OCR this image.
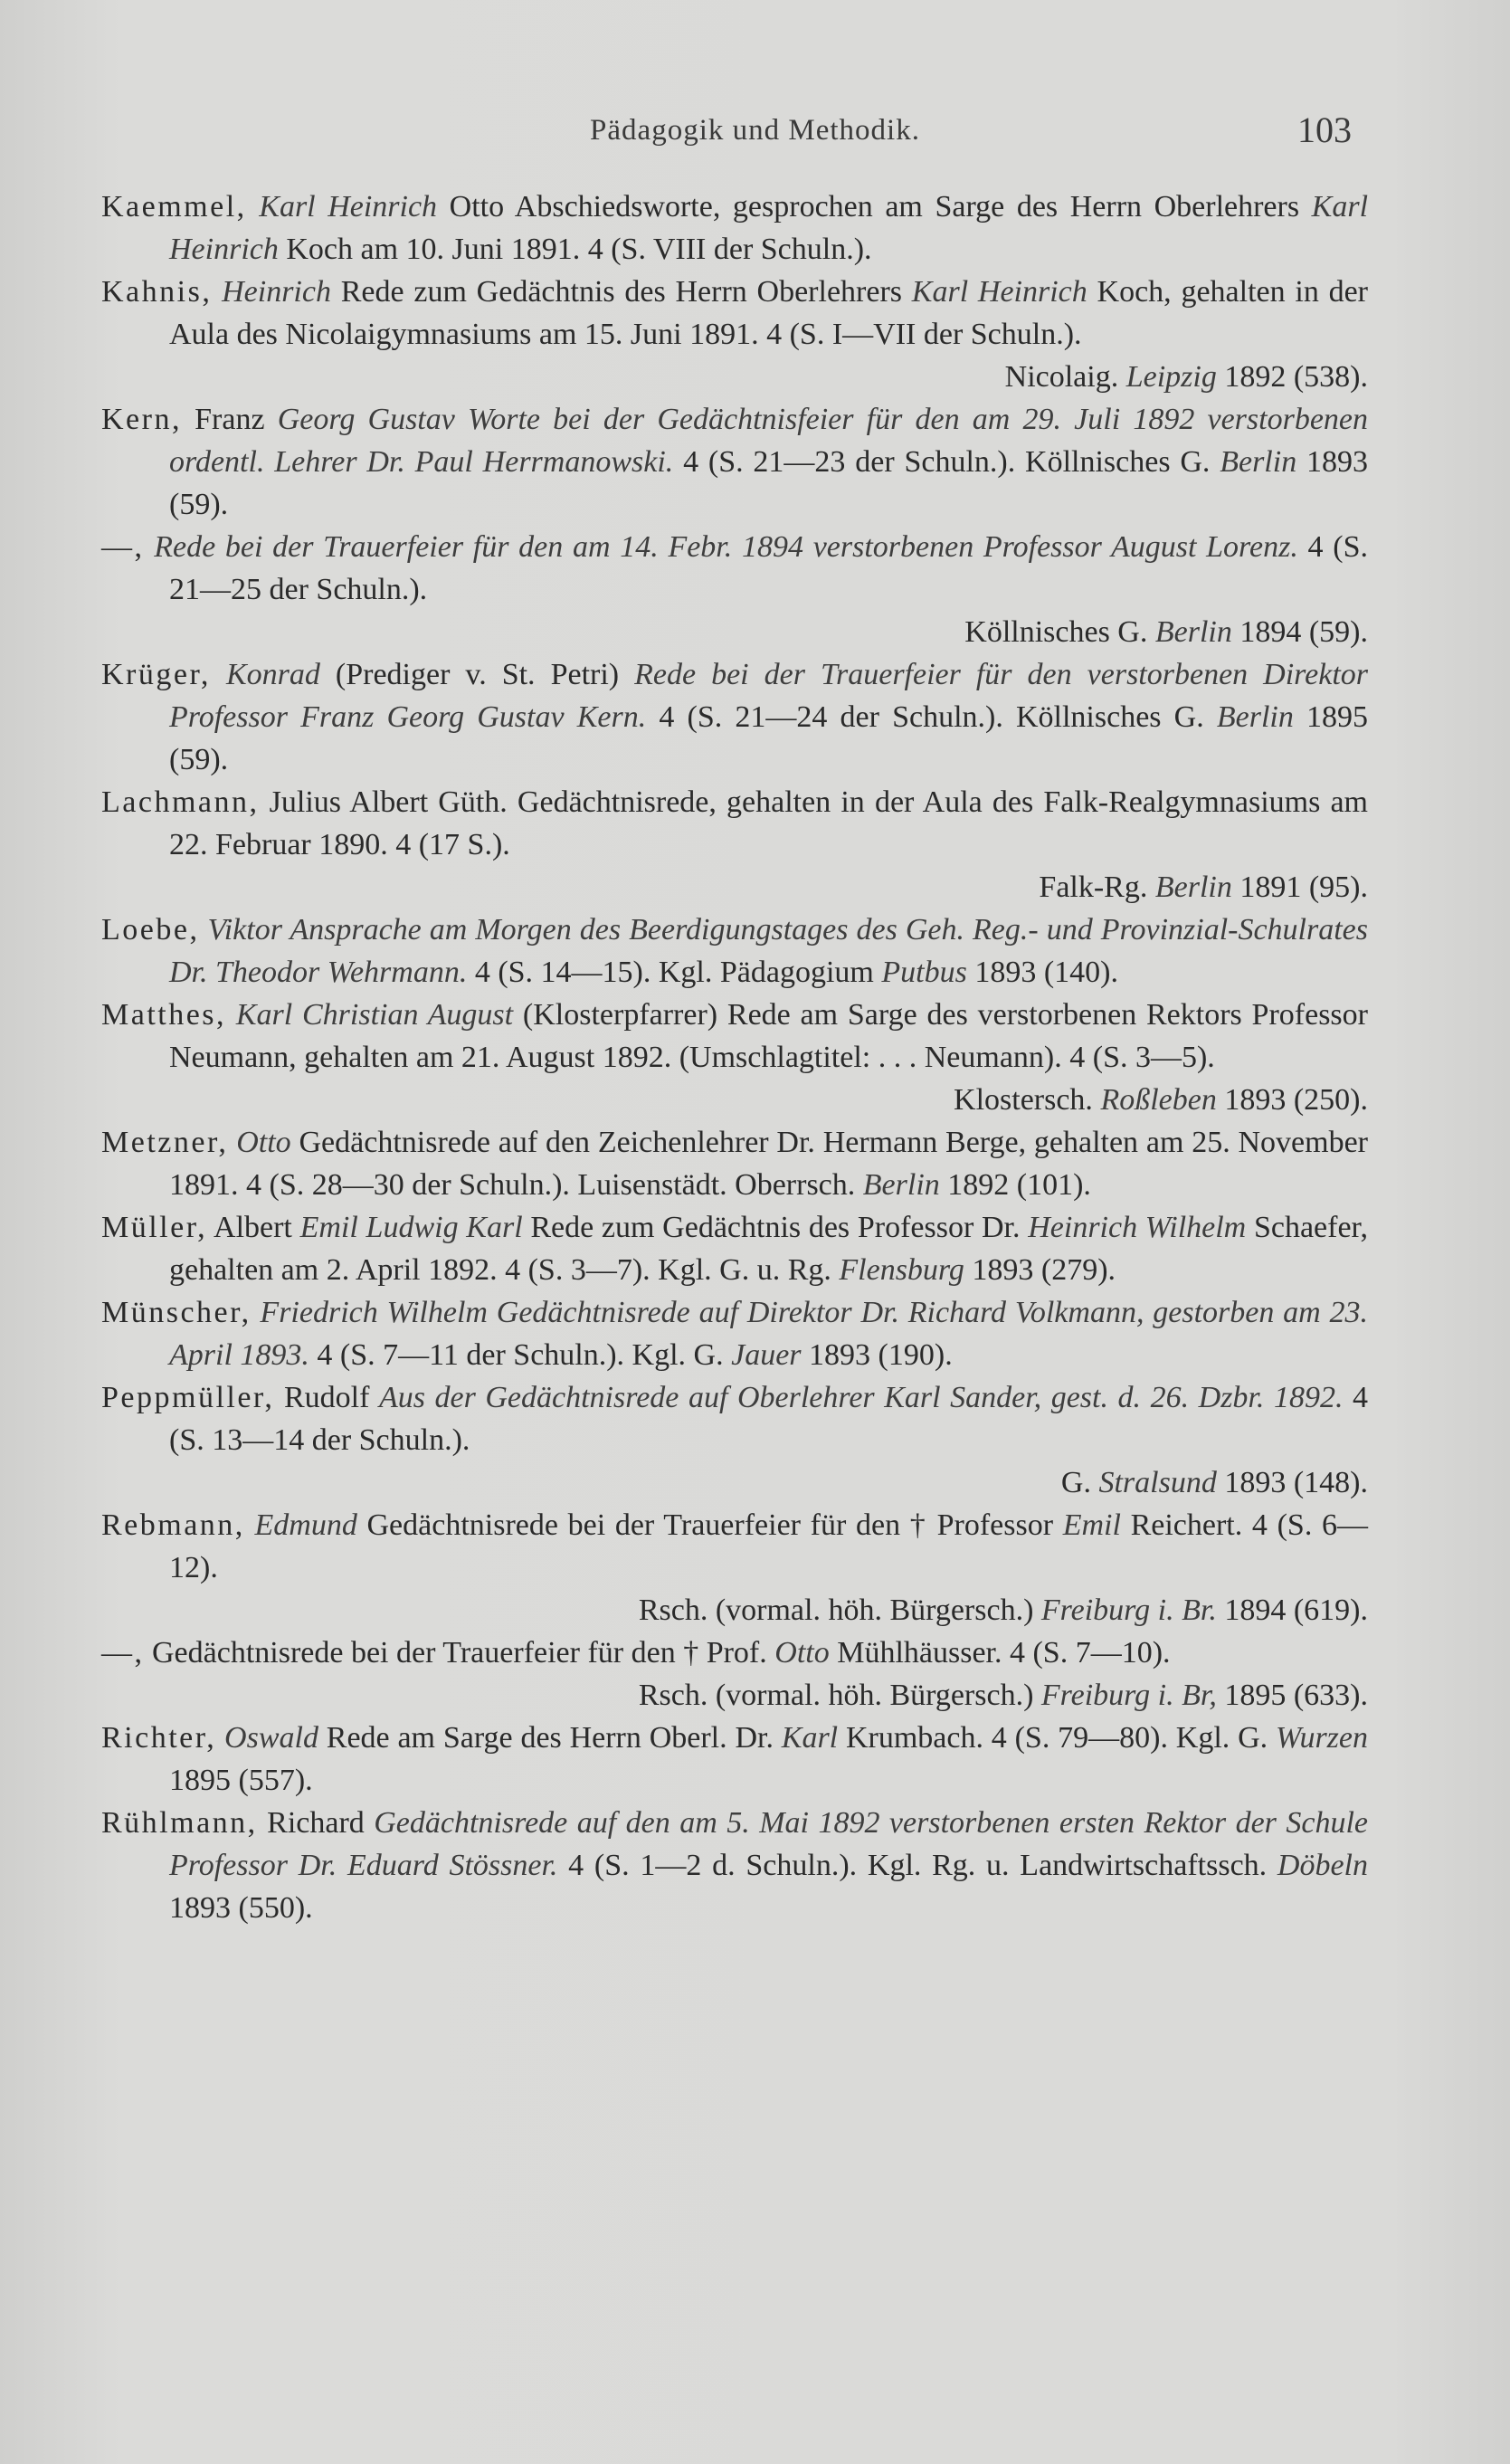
Pädagogik und Methodik.	103
Kaemmel, Karl Heinrich Otto Abschiedsworte, gesprochen am Sarge des Herrn Oberlehrers Karl Heinrich Koch am 10. Juni 1891. 4 (S. VIII der Schuln.).
Kahnis, Heinrich Rede zum Gedächtnis des Herrn Oberlehrers Karl Heinrich Koch, gehalten in der Aula des Nicolaigymnasiums am 15. Juni 1891. 4 (S. I—VII der Schuln.).
Nicolaig. Leipzig 1892 (538).
Kern, Franz Georg Gustav Worte bei der Gedächtnisfeier für den am 29. Juli 1892 verstorbenen ordentl. Lehrer Dr. Paul Herrmanowski. 4 (S. 21—23 der Schuln.). Köllnisches G. Berlin 1893 (59).
—, Rede bei der Trauerfeier für den am 14. Febr. 1894 verstorbenen Professor August Lorenz. 4 (S. 21—25 der Schuln.).
Köllnisches G. Berlin 1894 (59).
Krüger, Konrad (Prediger v. St. Petri) Rede bei der Trauerfeier für den verstorbenen Direktor Professor Franz Georg Gustav Kern. 4 (S. 21—24 der Schuln.). Köllnisches G. Berlin 1895 (59).
Lachmann, Julius Albert Güth. Gedächtnisrede, gehalten in der Aula des Falk-Realgymnasiums am 22. Februar 1890. 4 (17 S.).
Falk-Rg. Berlin 1891 (95).
Loebe, Viktor Ansprache am Morgen des Beerdigungstages des Geh. Reg.- und Provinzial-Schulrates Dr. Theodor Wehrmann. 4 (S. 14—15). Kgl. Pädagogium Putbus 1893 (140).
Matthes, Karl Christian August (Klosterpfarrer) Rede am Sarge des verstorbenen Rektors Professor Neumann, gehalten am 21. August 1892. (Umschlagtitel: . . . Neumann). 4 (S. 3—5).
Klostersch. Roßleben 1893 (250).
Metzner, Otto Gedächtnisrede auf den Zeichenlehrer Dr. Hermann Berge, gehalten am 25. November 1891. 4 (S. 28—30 der Schuln.). Luisenstädt. Oberrsch. Berlin 1892 (101).
Müller, Albert Emil Ludwig Karl Rede zum Gedächtnis des Professor Dr. Heinrich Wilhelm Schaefer, gehalten am 2. April 1892. 4 (S. 3—7). Kgl. G. u. Rg. Flensburg 1893 (279).
Münscher, Friedrich Wilhelm Gedächtnisrede auf Direktor Dr. Richard Volkmann, gestorben am 23. April 1893. 4 (S. 7—11 der Schuln.). Kgl. G. Jauer 1893 (190).
Peppmüller, Rudolf Aus der Gedächtnisrede auf Oberlehrer Karl Sander, gest. d. 26. Dzbr. 1892. 4 (S. 13—14 der Schuln.).
G. Stralsund 1893 (148).
Rebmann, Edmund Gedächtnisrede bei der Trauerfeier für den † Professor Emil Reichert. 4 (S. 6—12).
Rsch. (vormal. höh. Bürgersch.) Freiburg i. Br. 1894 (619).
—, Gedächtnisrede bei der Trauerfeier für den † Prof. Otto Mühlhäusser. 4 (S. 7—10).
Rsch. (vormal. höh. Bürgersch.) Freiburg i. Br, 1895 (633).
Richter, Oswald Rede am Sarge des Herrn Oberl. Dr. Karl Krumbach. 4 (S. 79—80). Kgl. G. Wurzen 1895 (557).
Rühlmann, Richard Gedächtnisrede auf den am 5. Mai 1892 verstorbenen ersten Rektor der Schule Professor Dr. Eduard Stössner. 4 (S. 1—2 d. Schuln.). Kgl. Rg. u. Landwirtschaftssch. Döbeln 1893 (550).
